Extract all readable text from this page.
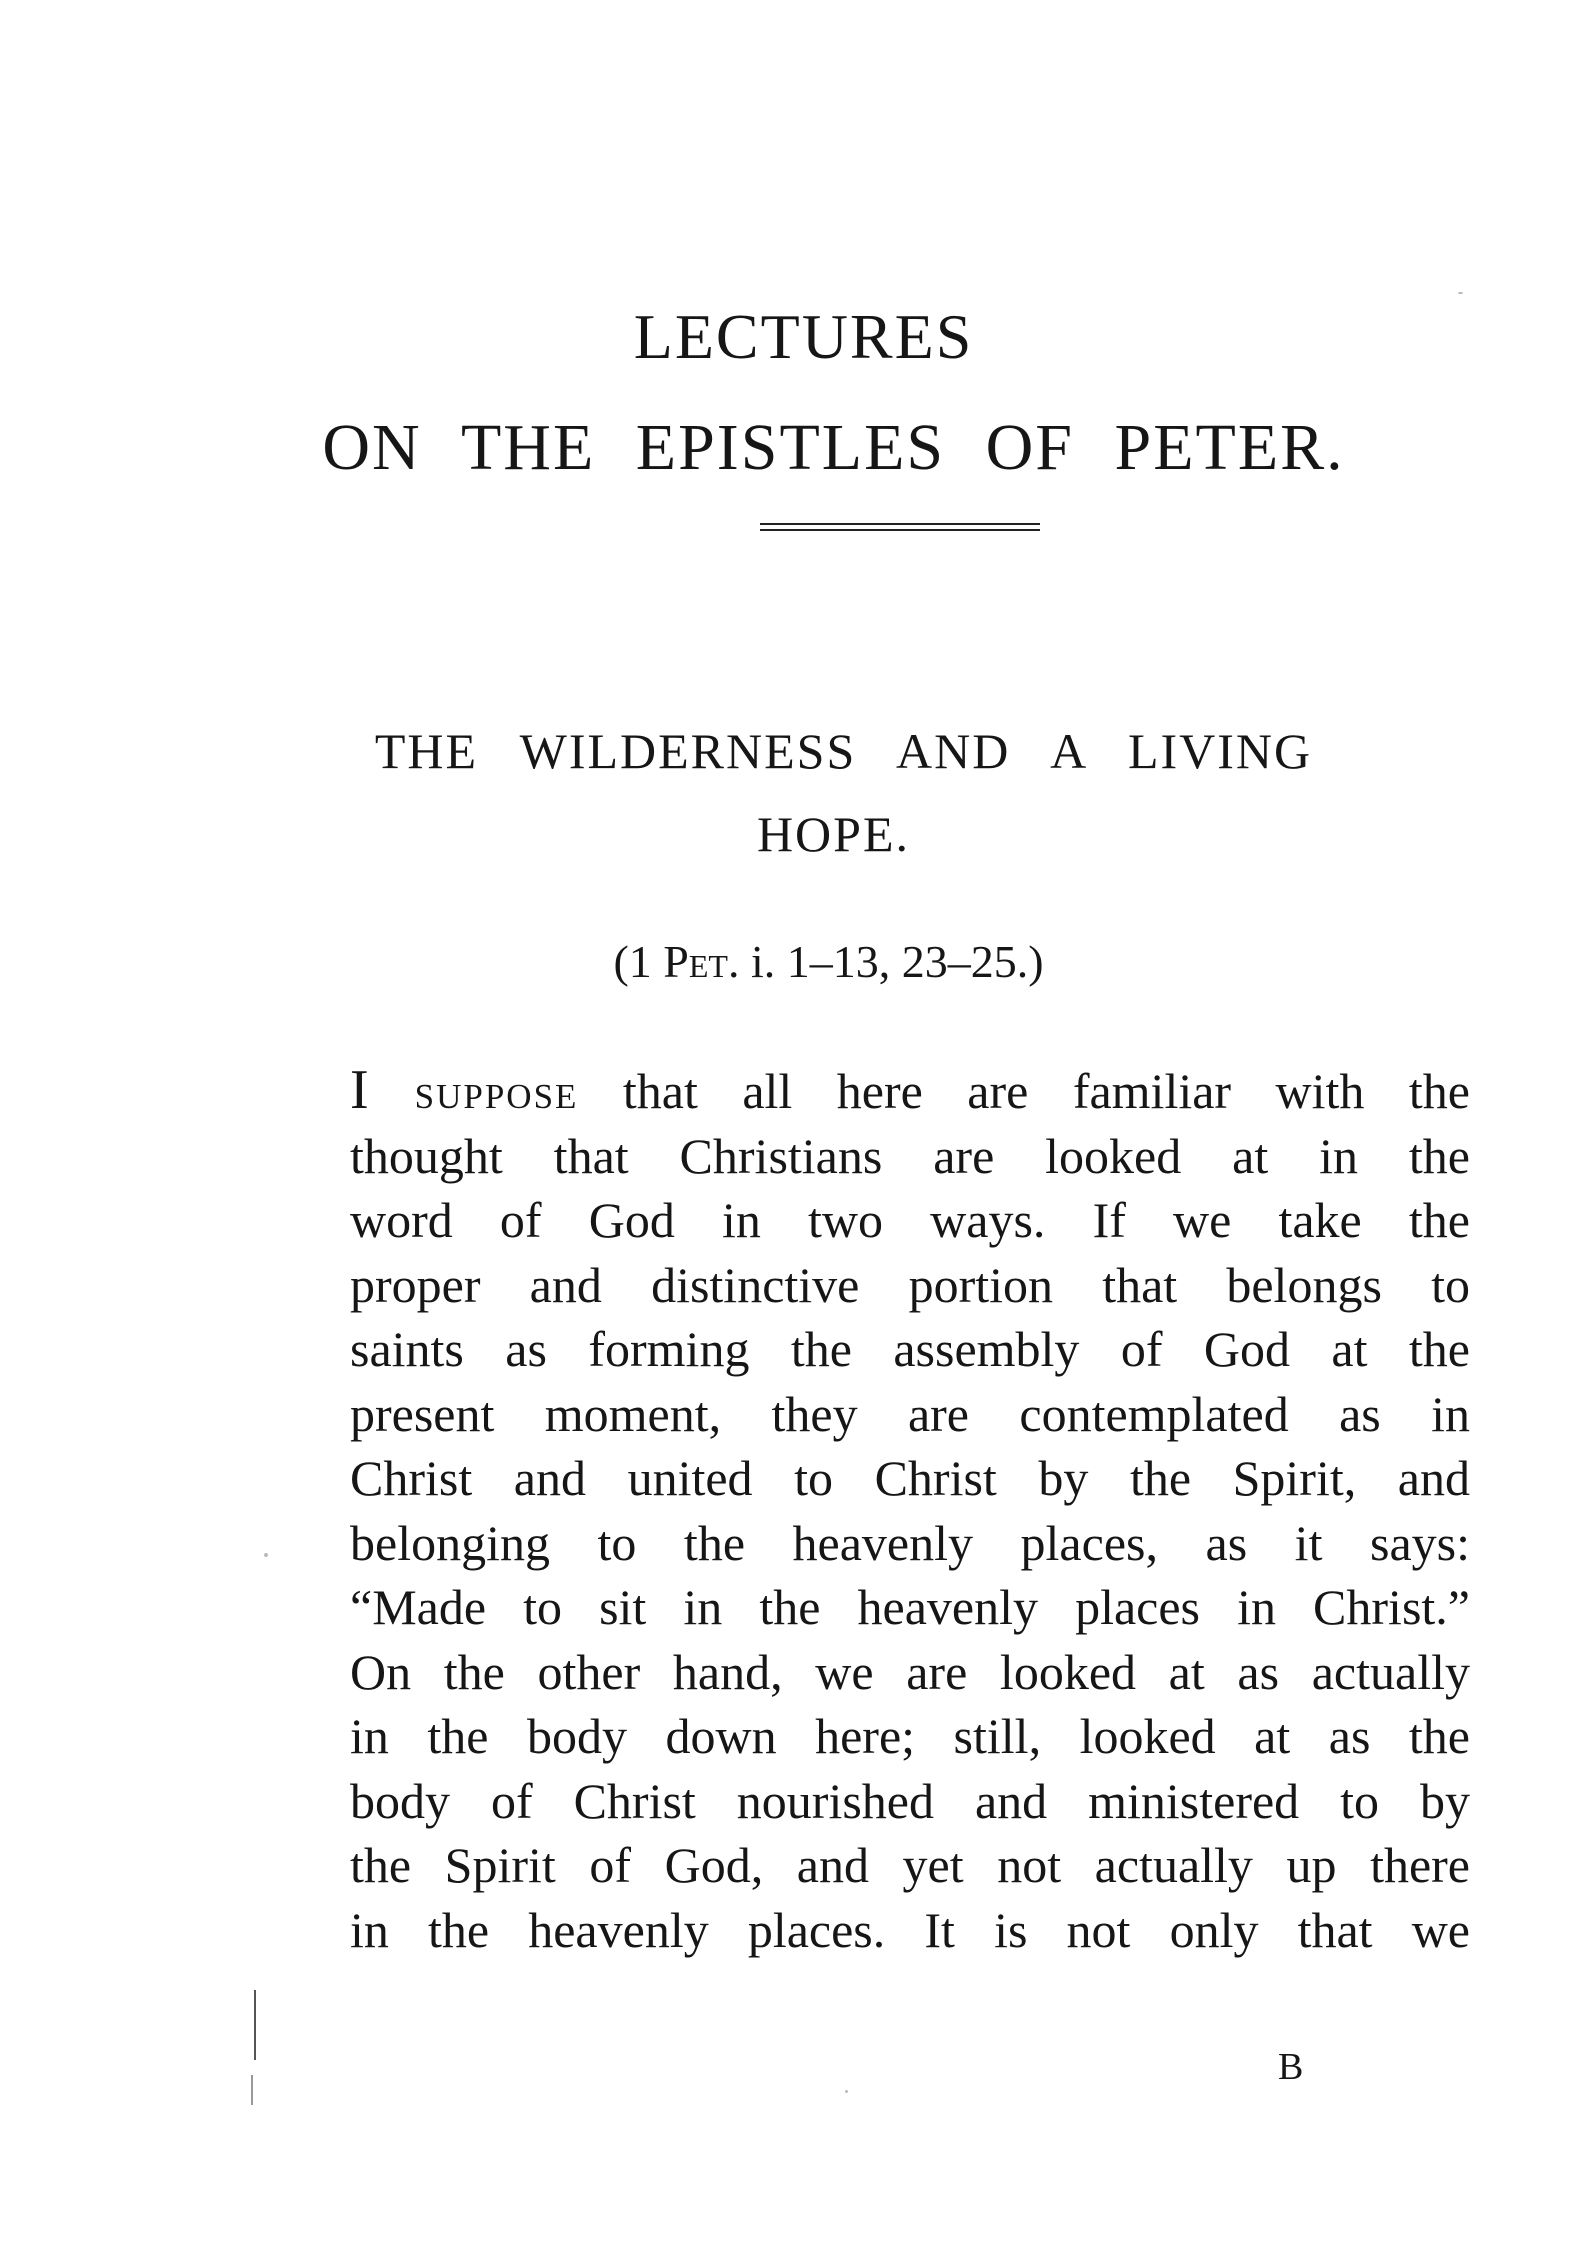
LECTURES
ON THE EPISTLES OF PETER.
THE WILDERNESS AND A LIVING
HOPE.
(1 Pet. i. 1–13, 23–25.)
I suppose that all here are familiar with the
thought that Christians are looked at in the
word of God in two ways. If we take the
proper and distinctive portion that belongs to
saints as forming the assembly of God at the
present moment, they are contemplated as in
Christ and united to Christ by the Spirit, and
belonging to the heavenly places, as it says:
“Made to sit in the heavenly places in Christ.”
On the other hand, we are looked at as actually
in the body down here; still, looked at as the
body of Christ nourished and ministered to by
the Spirit of God, and yet not actually up there
in the heavenly places. It is not only that we
B
